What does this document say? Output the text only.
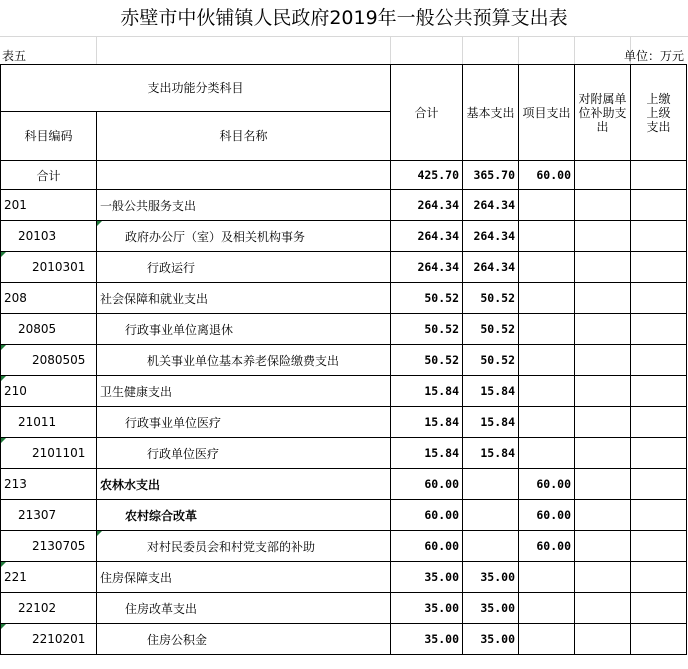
赤壁市中伙铺镇人民政府2019年一般公共预算支出表
表五	单位：万元
支出功能分类科目		合计	基本支出	项目支出	对附属单位补助支出	上缴上级支出
科目编码	科目名称					
合计		425.70	365.70	60.00		
201	一般公共服务支出	264.34	264.34			
20103	政府办公厅（室）及相关机构事务	264.34	264.34			

2010301	行政运行	264.34	264.34			
208	社会保障和就业支出	50.52	50.52			
20805	行政事业单位离退休	50.52	50.52			

2080505	机关事业单位基本养老保险缴费支出	50.52	50.52			

210	卫生健康支出	15.84	15.84			
21011	行政事业单位医疗	15.84	15.84			

2101101	行政单位医疗	15.84	15.84			
213	农林水支出	60.00		60.00		
21307	农村综合改革	60.00		60.00		
2130705	对村民委员会和村党支部的补助	60.00		60.00		

221	住房保障支出	35.00	35.00			
22102	住房改革支出	35.00	35.00			

2210201	住房公积金	35.00	35.00			
